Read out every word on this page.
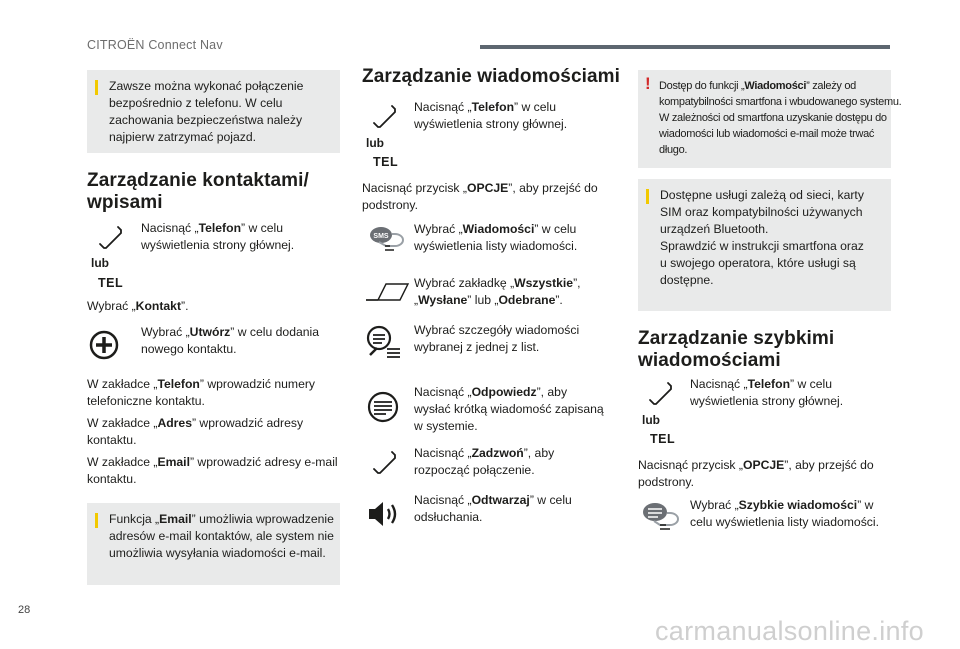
CITROËN Connect Nav
28
carmanualsonline.info
Zawsze można wykonać połączenie
bezpośrednio z telefonu. W celu
zachowania bezpieczeństwa należy
najpierw zatrzymać pojazd.
Zarządzanie kontaktami/
wpisami
lub
TEL
Nacisnąć „Telefon” w celu
wyświetlenia strony głównej.
Wybrać „Kontakt”.
Wybrać „Utwórz” w celu dodania
nowego kontaktu.
W zakładce „Telefon” wprowadzić numery
telefoniczne kontaktu.
W zakładce „Adres” wprowadzić adresy
kontaktu.
W zakładce „Email” wprowadzić adresy e-mail
kontaktu.
Funkcja „Email” umożliwia wprowadzenie
adresów e-mail kontaktów, ale system nie
umożliwia wysyłania wiadomości e-mail.
Zarządzanie wiadomościami
lub
TEL
Nacisnąć „Telefon” w celu
wyświetlenia strony głównej.
Nacisnąć przycisk „OPCJE”, aby przejść do
podstrony.
SMS
Wybrać „Wiadomości” w celu
wyświetlenia listy wiadomości.
Wybrać zakładkę „Wszystkie”,
„Wysłane” lub „Odebrane”.
Wybrać szczegóły wiadomości
wybranej z jednej z list.
Nacisnąć „Odpowiedz”, aby
wysłać krótką wiadomość zapisaną
w systemie.
Nacisnąć „Zadzwoń”, aby
rozpocząć połączenie.
Nacisnąć „Odtwarzaj” w celu
odsłuchania.
! Dostęp do funkcji „Wiadomości” zależy od
kompatybilności smartfona i wbudowanego systemu.
W zależności od smartfona uzyskanie dostępu do
wiadomości lub wiadomości e-mail może trwać
długo.
Dostępne usługi zależą od sieci, karty
SIM oraz kompatybilności używanych
urządzeń Bluetooth.
Sprawdzić w instrukcji smartfona oraz
u swojego operatora, które usługi są
dostępne.
Zarządzanie szybkimi
wiadomościami
lub
TEL
Nacisnąć „Telefon” w celu
wyświetlenia strony głównej.
Nacisnąć przycisk „OPCJE”, aby przejść do
podstrony.
Wybrać „Szybkie wiadomości” w
celu wyświetlenia listy wiadomości.
